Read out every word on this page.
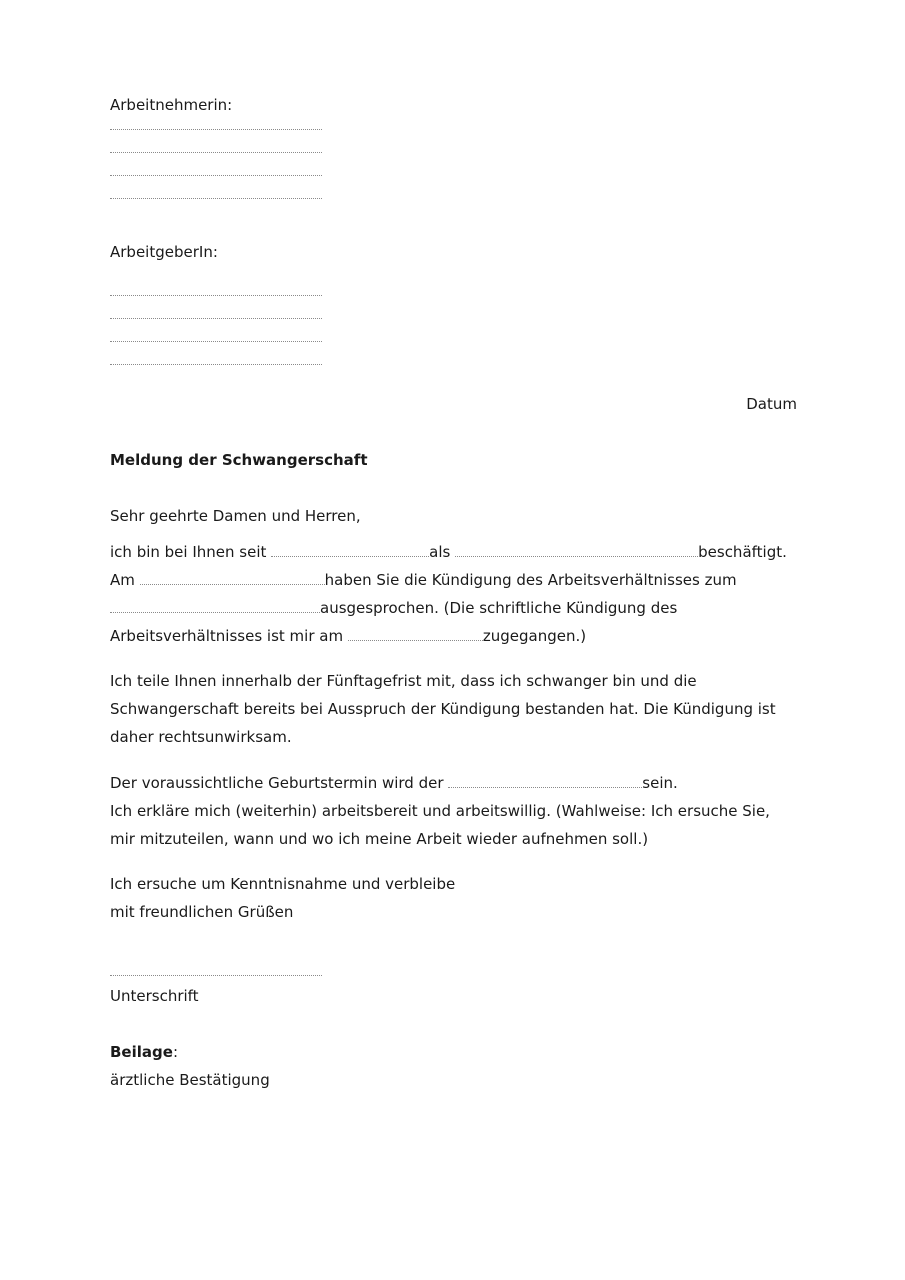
Arbeitnehmerin:
ArbeitgeberIn:
Datum
Meldung der Schwangerschaft
Sehr geehrte Damen und Herren,

ich bin bei Ihnen seit	als	beschäftigt.

Am	haben Sie die Kündigung des Arbeitsverhältnisses zum

ausgesprochen. (Die schriftliche Kündigung des

Arbeitsverhältnisses ist mir am	zugegangen.)

Ich teile Ihnen innerhalb der Fünftagefrist mit, dass ich schwanger bin und die

Schwangerschaft bereits bei Ausspruch der Kündigung bestanden hat. Die Kündigung ist

daher rechtsunwirksam.

Der voraussichtliche Geburtstermin wird der	sein.

Ich erkläre mich (weiterhin) arbeitsbereit und arbeitswillig. (Wahlweise: Ich ersuche Sie,

mir mitzuteilen, wann und wo ich meine Arbeit wieder aufnehmen soll.)

Ich ersuche um Kenntnisnahme und verbleibe

mit freundlichen Grüßen

Unterschrift
Beilage:
ärztliche Bestätigung
